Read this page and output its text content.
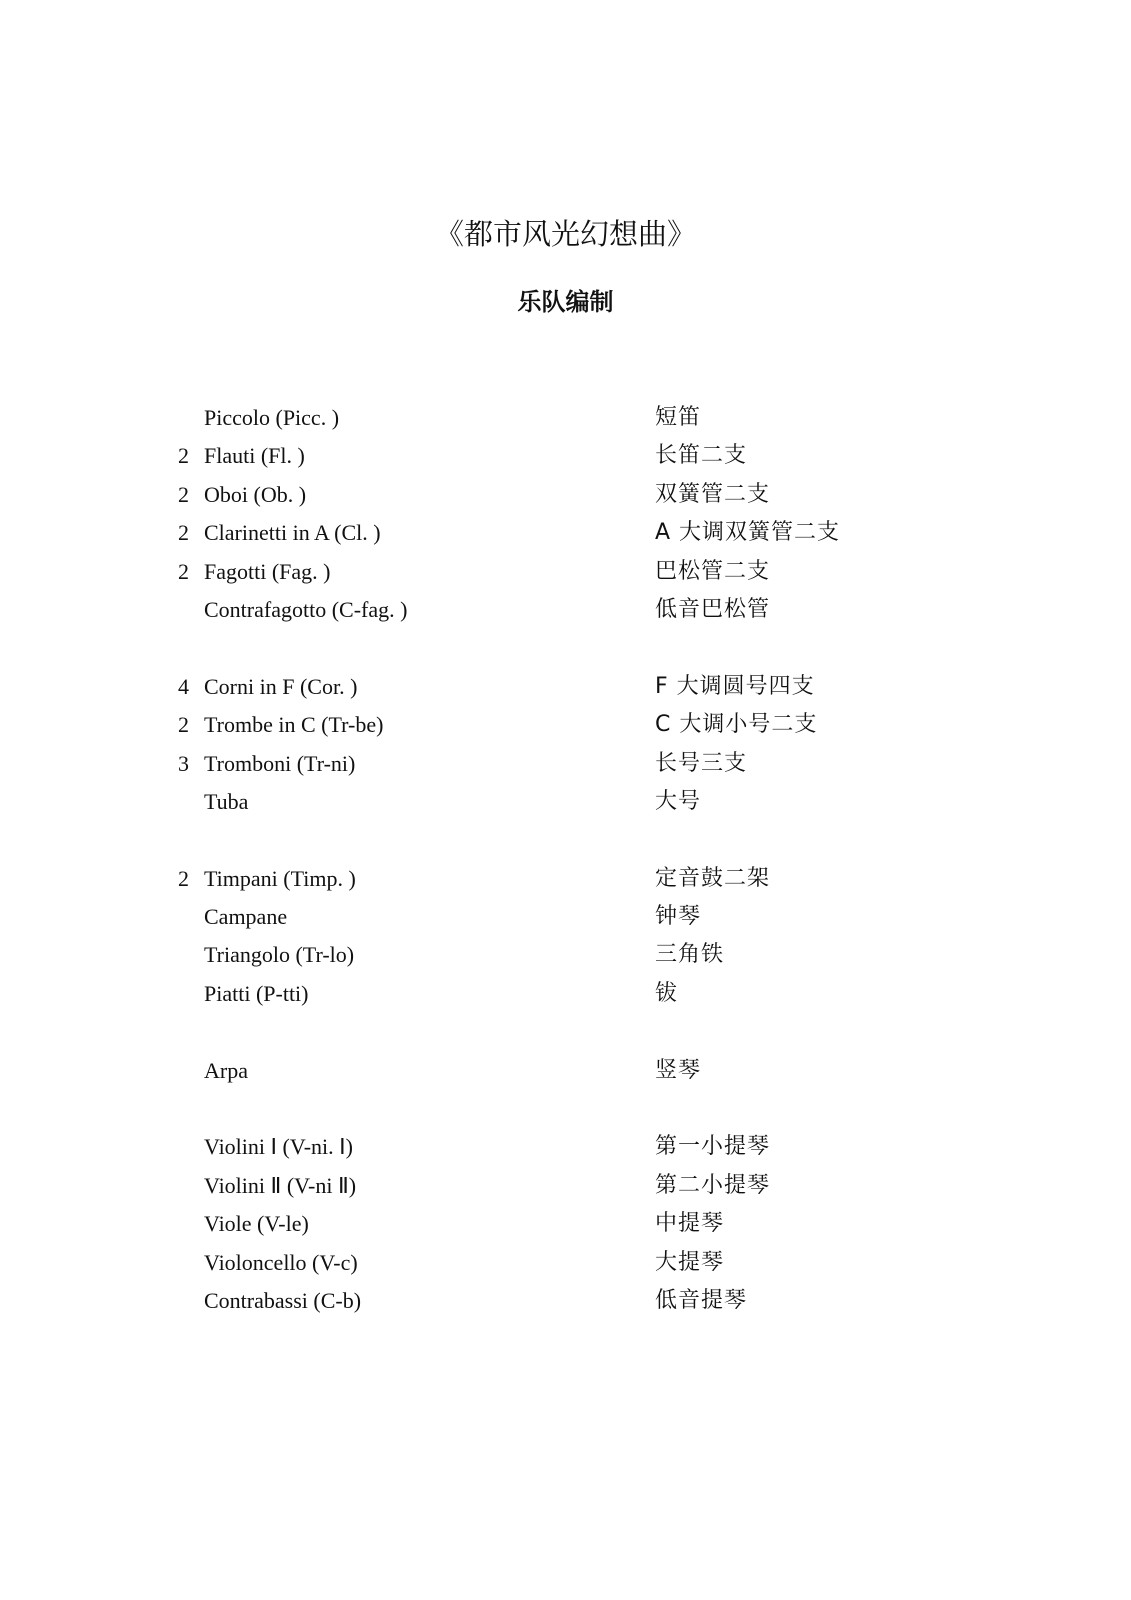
《都市风光幻想曲》
乐队编制
Piccolo (Picc. )	短笛
2 Flauti (Fl. )	长笛二支
2 Oboi (Ob. )	双簧管二支
2 Clarinetti in A (Cl. )	A 大调双簧管二支
2 Fagotti (Fag. )	巴松管二支
Contrafagotto (C-fag. )	低音巴松管
4 Corni in F (Cor. )	F 大调圆号四支
2 Trombe in C (Tr-be)	C 大调小号二支
3 Tromboni (Tr-ni)	长号三支
Tuba	大号
2 Timpani (Timp. )	定音鼓二架
Campane	钟琴
Triangolo (Tr-lo)	三角铁
Piatti (P-tti)	钹
Arpa	竖琴
Violini Ⅰ (V-ni. Ⅰ)	第一小提琴
Violini Ⅱ (V-ni Ⅱ)	第二小提琴
Viole (V-le)	中提琴
Violoncello (V-c)	大提琴
Contrabassi (C-b)	低音提琴
